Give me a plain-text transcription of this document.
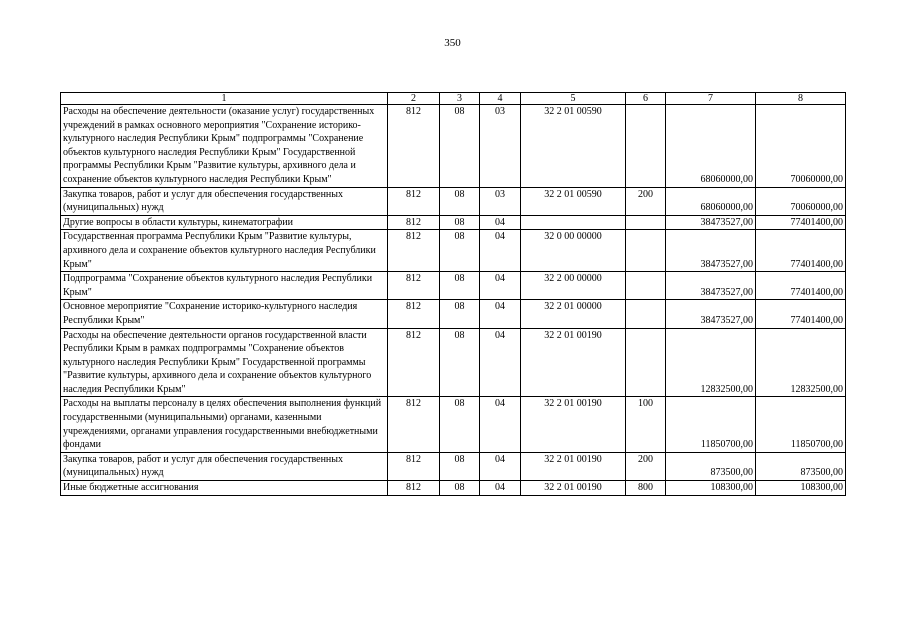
350
1	2	3	4	5	6	7	8
Расходы на обеспечение деятельности (оказание услуг) государственных учреждений в рамках основного мероприятия "Сохранение историко-культурного наследия Республики Крым" подпрограммы "Сохранение объектов культурного наследия Республики Крым" Государственной программы Республики Крым "Развитие культуры, архивного дела и сохранение объектов культурного наследия Республики Крым"	812	08	03	32 2 01 00590		68060000,00	70060000,00
Закупка товаров, работ и услуг для обеспечения государственных (муниципальных) нужд	812	08	03	32 2 01 00590	200	68060000,00	70060000,00
Другие вопросы в области культуры, кинематографии	812	08	04			38473527,00	77401400,00
Государственная программа Республики Крым "Развитие культуры, архивного дела и сохранение объектов культурного наследия Республики Крым"	812	08	04	32 0 00 00000		38473527,00	77401400,00
Подпрограмма "Сохранение объектов культурного наследия Республики Крым"	812	08	04	32 2 00 00000		38473527,00	77401400,00
Основное мероприятие "Сохранение историко-культурного наследия Республики Крым"	812	08	04	32 2 01 00000		38473527,00	77401400,00
Расходы на обеспечение деятельности органов государственной власти Республики Крым в рамках подпрограммы "Сохранение объектов культурного наследия Республики Крым" Государственной программы "Развитие культуры, архивного дела и сохранение объектов культурного наследия Республики Крым"	812	08	04	32 2 01 00190		12832500,00	12832500,00
Расходы на выплаты персоналу в целях обеспечения выполнения функций государственными (муниципальными) органами, казенными учреждениями, органами управления государственными внебюджетными фондами	812	08	04	32 2 01 00190	100	11850700,00	11850700,00
Закупка товаров, работ и услуг для обеспечения государственных (муниципальных) нужд	812	08	04	32 2 01 00190	200	873500,00	873500,00
Иные бюджетные ассигнования	812	08	04	32 2 01 00190	800	108300,00	108300,00
